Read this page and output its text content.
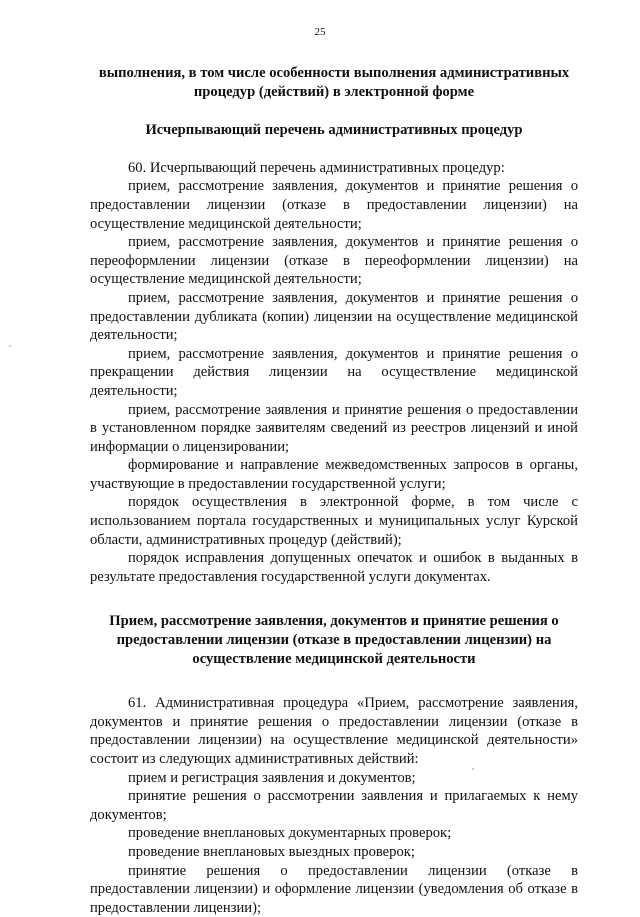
25
выполнения, в том числе особенности выполнения административных процедур (действий) в электронной форме
Исчерпывающий перечень административных процедур

60. Исчерпывающий перечень административных процедур:

прием, рассмотрение заявления, документов и принятие решения о предоставлении лицензии (отказе в предоставлении лицензии) на осуществление медицинской деятельности;

прием, рассмотрение заявления, документов и принятие решения о переоформлении лицензии (отказе в переоформлении лицензии) на осуществление медицинской деятельности;

прием, рассмотрение заявления, документов и принятие решения о предоставлении дубликата (копии) лицензии на осуществление медицинской деятельности;

прием, рассмотрение заявления, документов и принятие решения о прекращении действия лицензии на осуществление медицинской деятельности;

прием, рассмотрение заявления и принятие решения о предоставлении в установленном порядке заявителям сведений из реестров лицензий и иной информации о лицензировании;

формирование и направление межведомственных запросов в органы, участвующие в предоставлении государственной услуги;

порядок осуществления в электронной форме, в том числе с использованием портала государственных и муниципальных услуг Курской области, административных процедур (действий);

порядок исправления допущенных опечаток и ошибок в выданных в результате предоставления государственной услуги документах.

Прием, рассмотрение заявления, документов и принятие решения о предоставлении лицензии (отказе в предоставлении лицензии) на осуществление медицинской деятельности

61. Административная процедура «Прием, рассмотрение заявления, документов и принятие решения о предоставлении лицензии (отказе в предоставлении лицензии) на осуществление медицинской деятельности» состоит из следующих административных действий:

прием и регистрация заявления и документов;

принятие решения о рассмотрении заявления и прилагаемых к нему документов;

проведение внеплановых документарных проверок;

проведение внеплановых выездных проверок;

принятие решения о предоставлении лицензии (отказе в предоставлении лицензии) и оформление лицензии (уведомления об отказе в предоставлении лицензии);
